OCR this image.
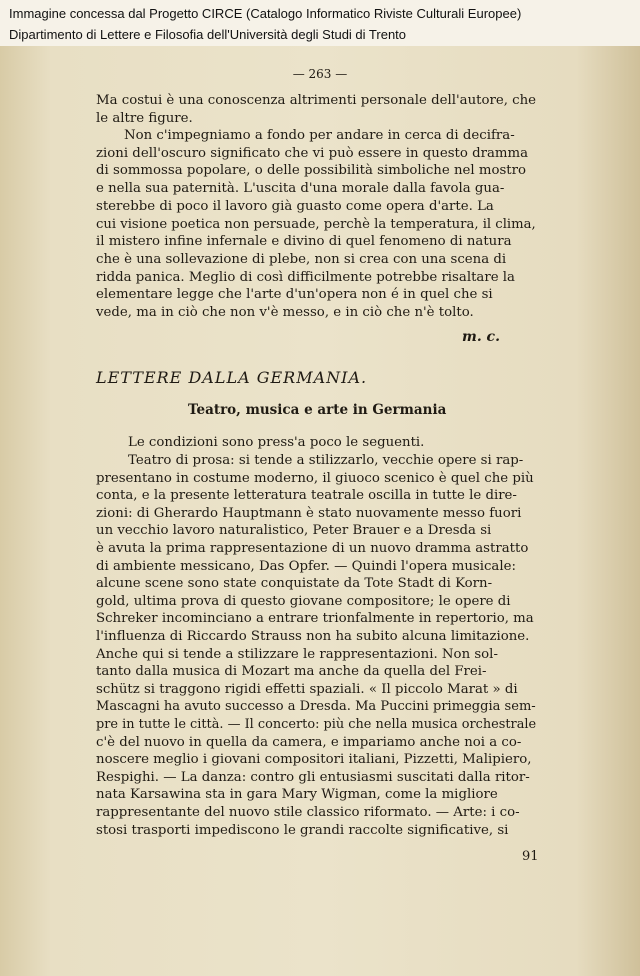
Immagine concessa dal Progetto CIRCE (Catalogo Informatico Riviste Culturali Europee)
Dipartimento di Lettere e Filosofia dell'Università degli Studi di Trento
— 263 —
Ma costui è una conoscenza altrimenti personale dell'autore, che
le altre figure.
Non c'impegniamo a fondo per andare in cerca di decifra-
zioni dell'oscuro significato che vi può essere in questo dramma
di sommossa popolare, o delle possibilità simboliche nel mostro
e nella sua paternità. L'uscita d'una morale dalla favola gua-
sterebbe di poco il lavoro già guasto come opera d'arte. La
cui visione poetica non persuade, perchè la temperatura, il clima,
il mistero infine infernale e divino di quel fenomeno di natura
che è una sollevazione di plebe, non si crea con una scena di
ridda panica. Meglio di così difficilmente potrebbe risaltare la
elementare legge che l'arte d'un'opera non é in quel che si
vede, ma in ciò che non v'è messo, e in ciò che n'è tolto.
m. c.
LETTERE DALLA GERMANIA.
Teatro, musica e arte in Germania
Le condizioni sono press'a poco le seguenti.
Teatro di prosa: si tende a stilizzarlo, vecchie opere si rap-
presentano in costume moderno, il giuoco scenico è quel che più
conta, e la presente letteratura teatrale oscilla in tutte le dire-
zioni: di Gherardo Hauptmann è stato nuovamente messo fuori
un vecchio lavoro naturalistico, Peter Brauer e a Dresda si
è avuta la prima rappresentazione di un nuovo dramma astratto
di ambiente messicano, Das Opfer. — Quindi l'opera musicale:
alcune scene sono state conquistate da Tote Stadt di Korn-
gold, ultima prova di questo giovane compositore; le opere di
Schreker incominciano a entrare trionfalmente in repertorio, ma
l'influenza di Riccardo Strauss non ha subito alcuna limitazione.
Anche qui si tende a stilizzare le rappresentazioni. Non sol-
tanto dalla musica di Mozart ma anche da quella del Frei-
schütz si traggono rigidi effetti spaziali. « Il piccolo Marat » di
Mascagni ha avuto successo a Dresda. Ma Puccini primeggia sem-
pre in tutte le città. — Il concerto: più che nella musica orchestrale
c'è del nuovo in quella da camera, e impariamo anche noi a co-
noscere meglio i giovani compositori italiani, Pizzetti, Malipiero,
Respighi. — La danza: contro gli entusiasmi suscitati dalla ritor-
nata Karsawina sta in gara Mary Wigman, come la migliore
rappresentante del nuovo stile classico riformato. — Arte: i co-
stosi trasporti impediscono le grandi raccolte significative, si
91
